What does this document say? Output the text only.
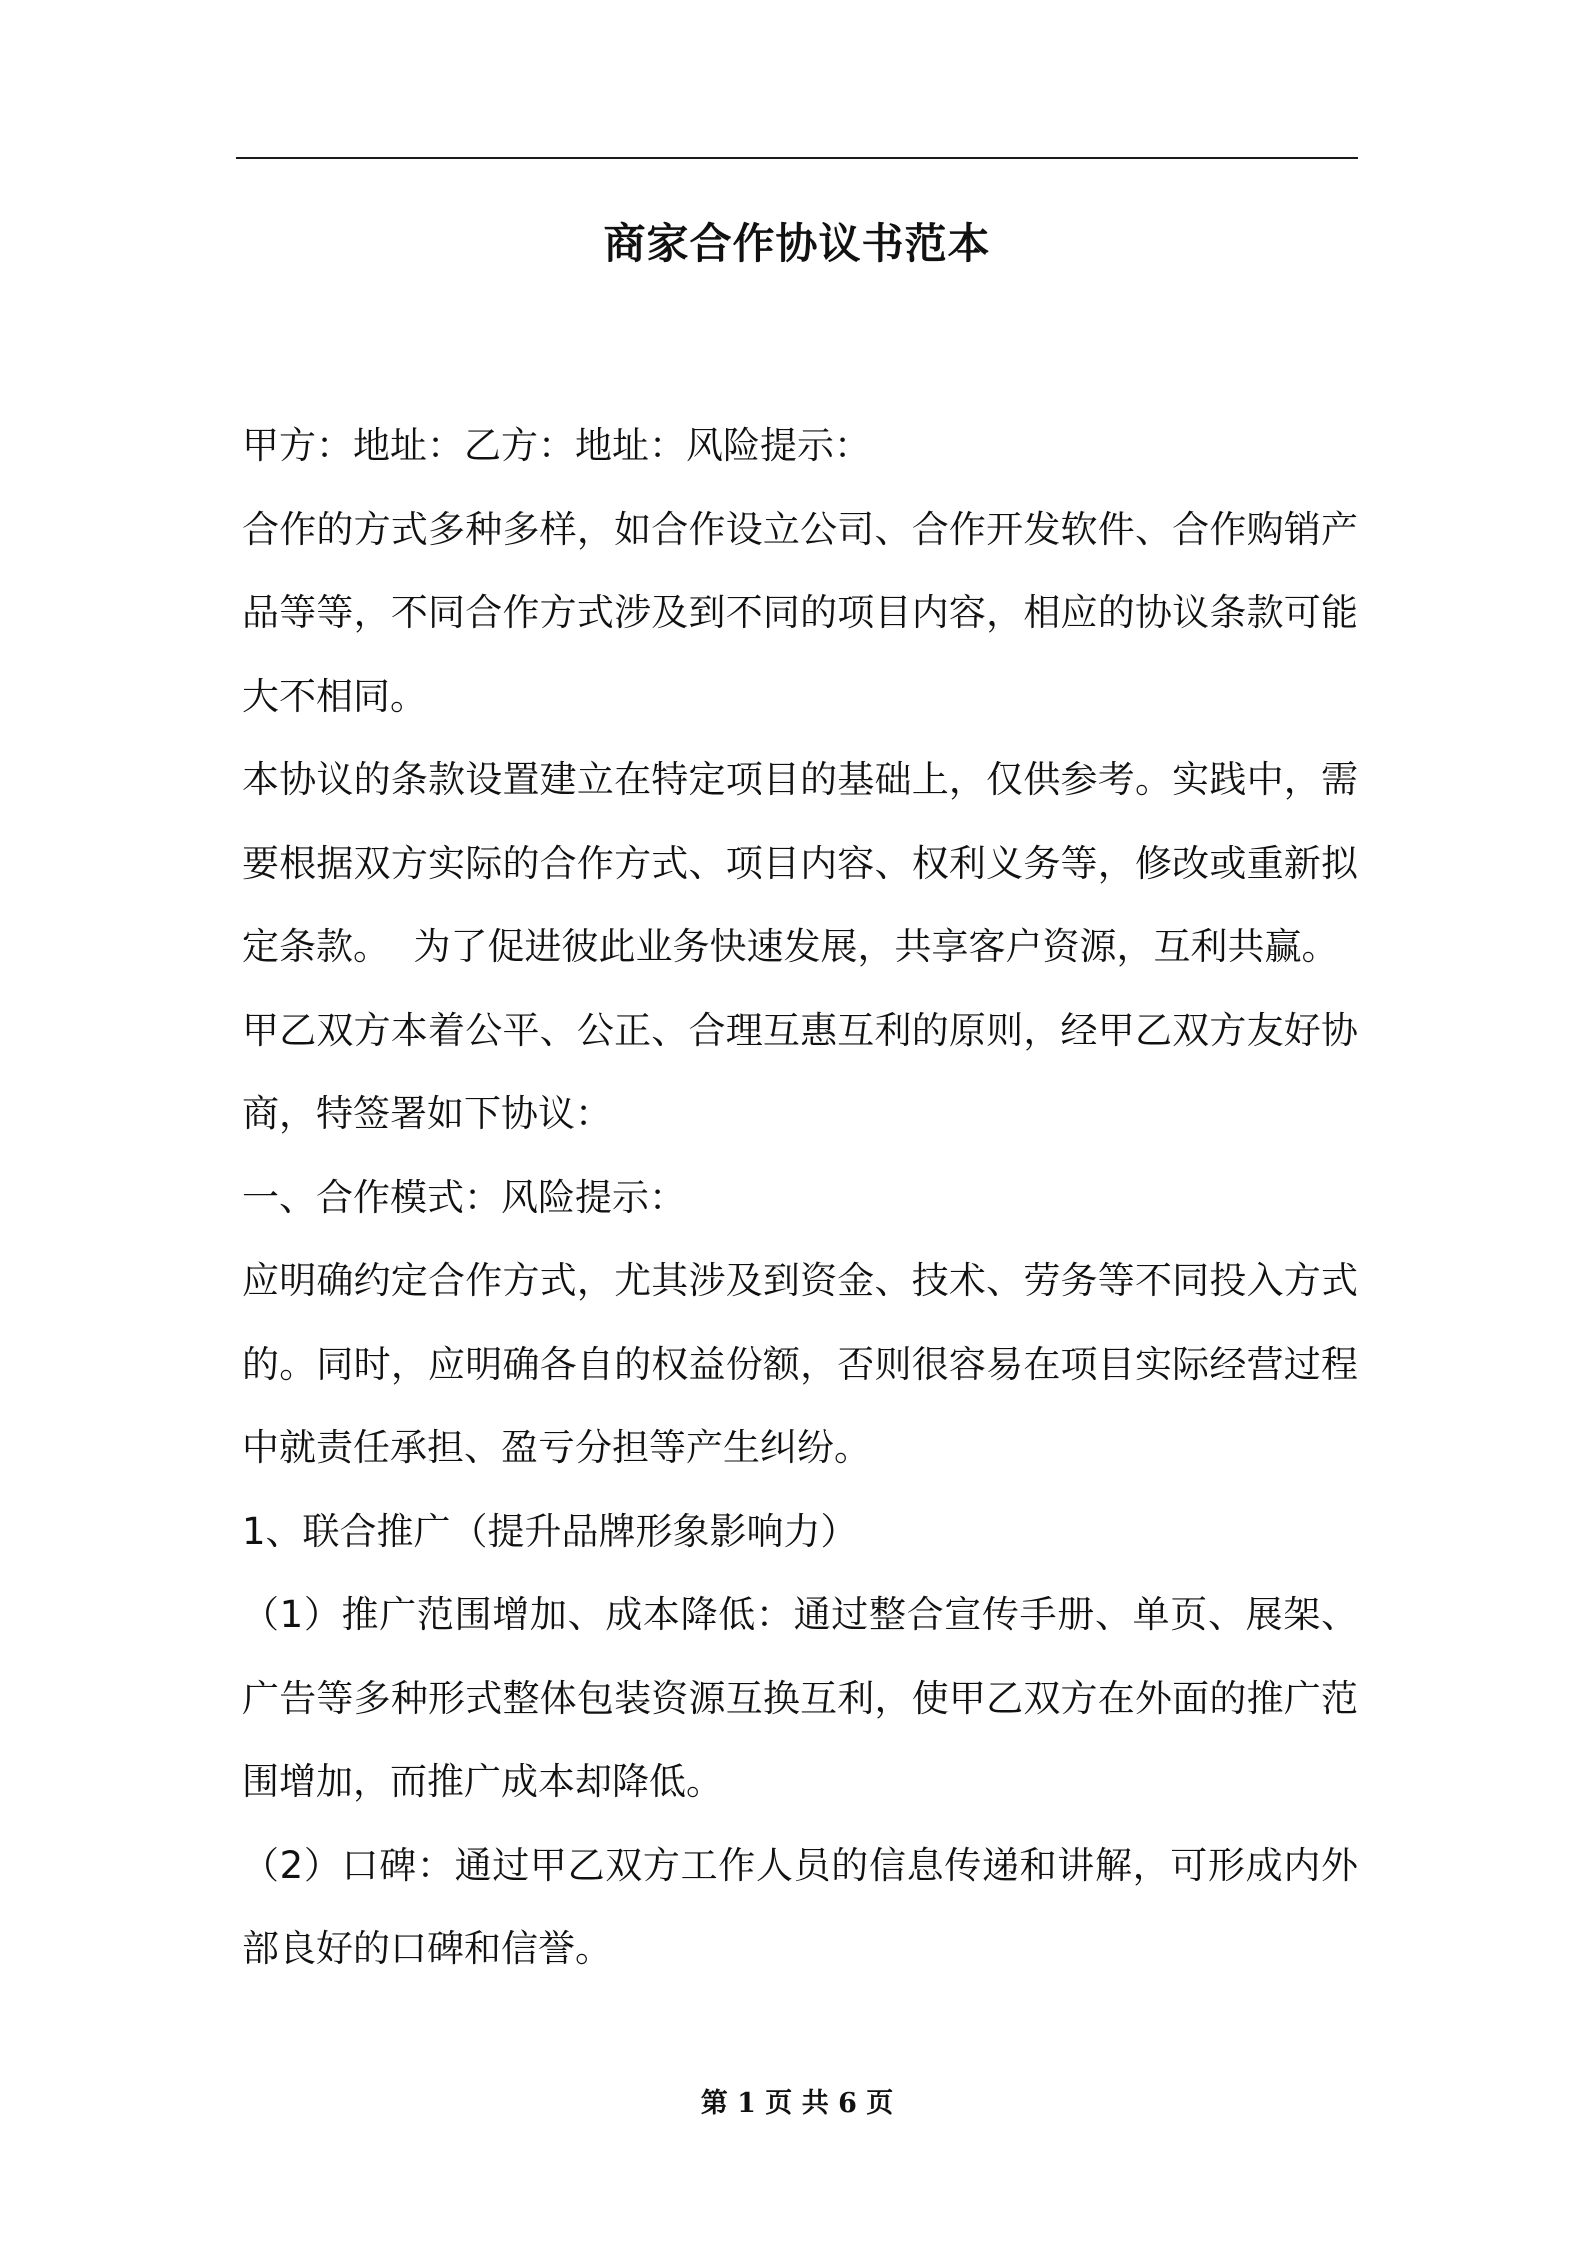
商家合作协议书范本

甲方：地址：乙方：地址：风险提示：

合作的方式多种多样，如合作设立公司、合作开发软件、合作购销产品等等，不同合作方式涉及到不同的项目内容，相应的协议条款可能大不相同。

本协议的条款设置建立在特定项目的基础上，仅供参考。实践中，需要根据双方实际的合作方式、项目内容、权利义务等，修改或重新拟定条款。  为了促进彼此业务快速发展，共享客户资源，互利共赢。

甲乙双方本着公平、公正、合理互惠互利的原则，经甲乙双方友好协商，特签署如下协议：

一、合作模式：风险提示：

应明确约定合作方式，尤其涉及到资金、技术、劳务等不同投入方式的。同时，应明确各自的权益份额，否则很容易在项目实际经营过程中就责任承担、盈亏分担等产生纠纷。

1、联合推广（提升品牌形象影响力）

（1）推广范围增加、成本降低：通过整合宣传手册、单页、展架、广告等多种形式整体包装资源互换互利，使甲乙双方在外面的推广范围增加，而推广成本却降低。

（2）口碑：通过甲乙双方工作人员的信息传递和讲解，可形成内外部良好的口碑和信誉。

第 1 页 共 6 页
